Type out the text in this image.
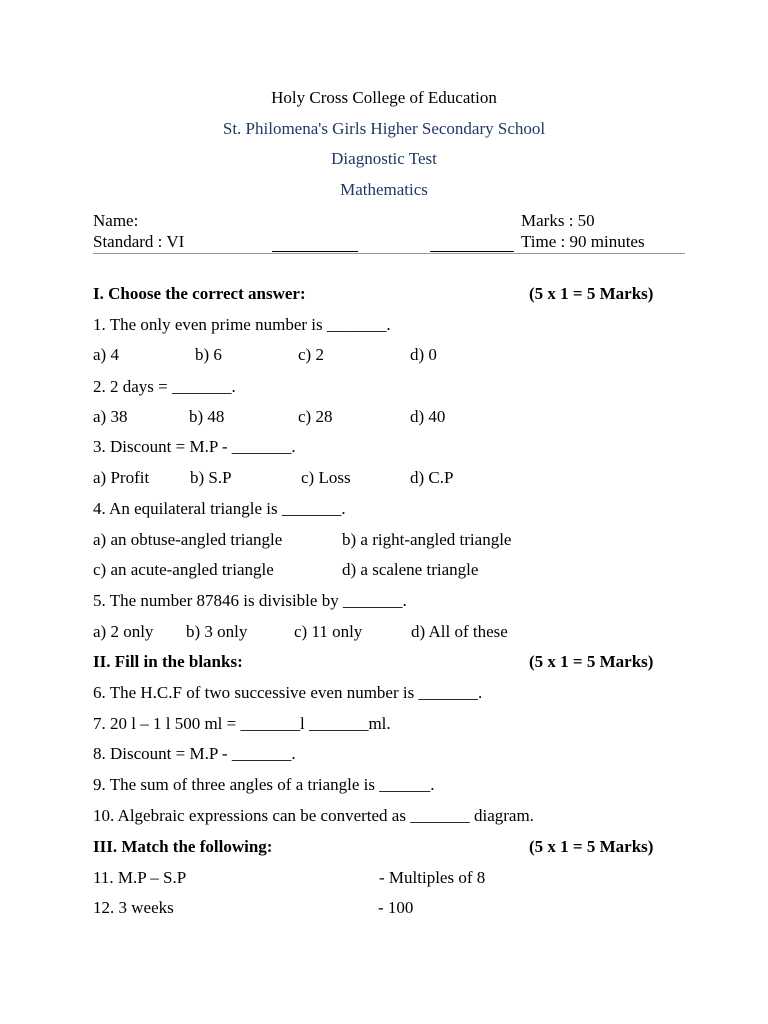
Holy Cross College of Education
St. Philomena's Girls Higher Secondary School
Diagnostic Test
Mathematics
Name:
Standard : VI
Marks : 50
Time : 90 minutes
I. Choose the correct answer:	(5 x 1 = 5 Marks)
1. The only even prime number is _______.
a) 4	b) 6	c) 2	d) 0
2. 2 days = _______.
a) 38	b) 48	c) 28	d) 40
3. Discount = M.P - _______.
a) Profit b) S.P	c) Loss	d) C.P
4. An equilateral triangle is _______.
a) an obtuse-angled triangle	b) a right-angled triangle
c) an acute-angled triangle	d) a scalene triangle
5. The number 87846 is divisible by _______.
a) 2 only b) 3 only	c) 11 only	d) All of these
II. Fill in the blanks:	(5 x 1 = 5 Marks)
6. The H.C.F of two successive even number is _______.
7. 20 l – 1 l 500 ml = _______l _______ml.
8. Discount = M.P - _______.
9. The sum of three angles of a triangle is ______.
10. Algebraic expressions can be converted as _______ diagram.
III. Match the following:	(5 x 1 = 5 Marks)
11. M.P – S.P	- Multiples of 8
12. 3 weeks	- 100
